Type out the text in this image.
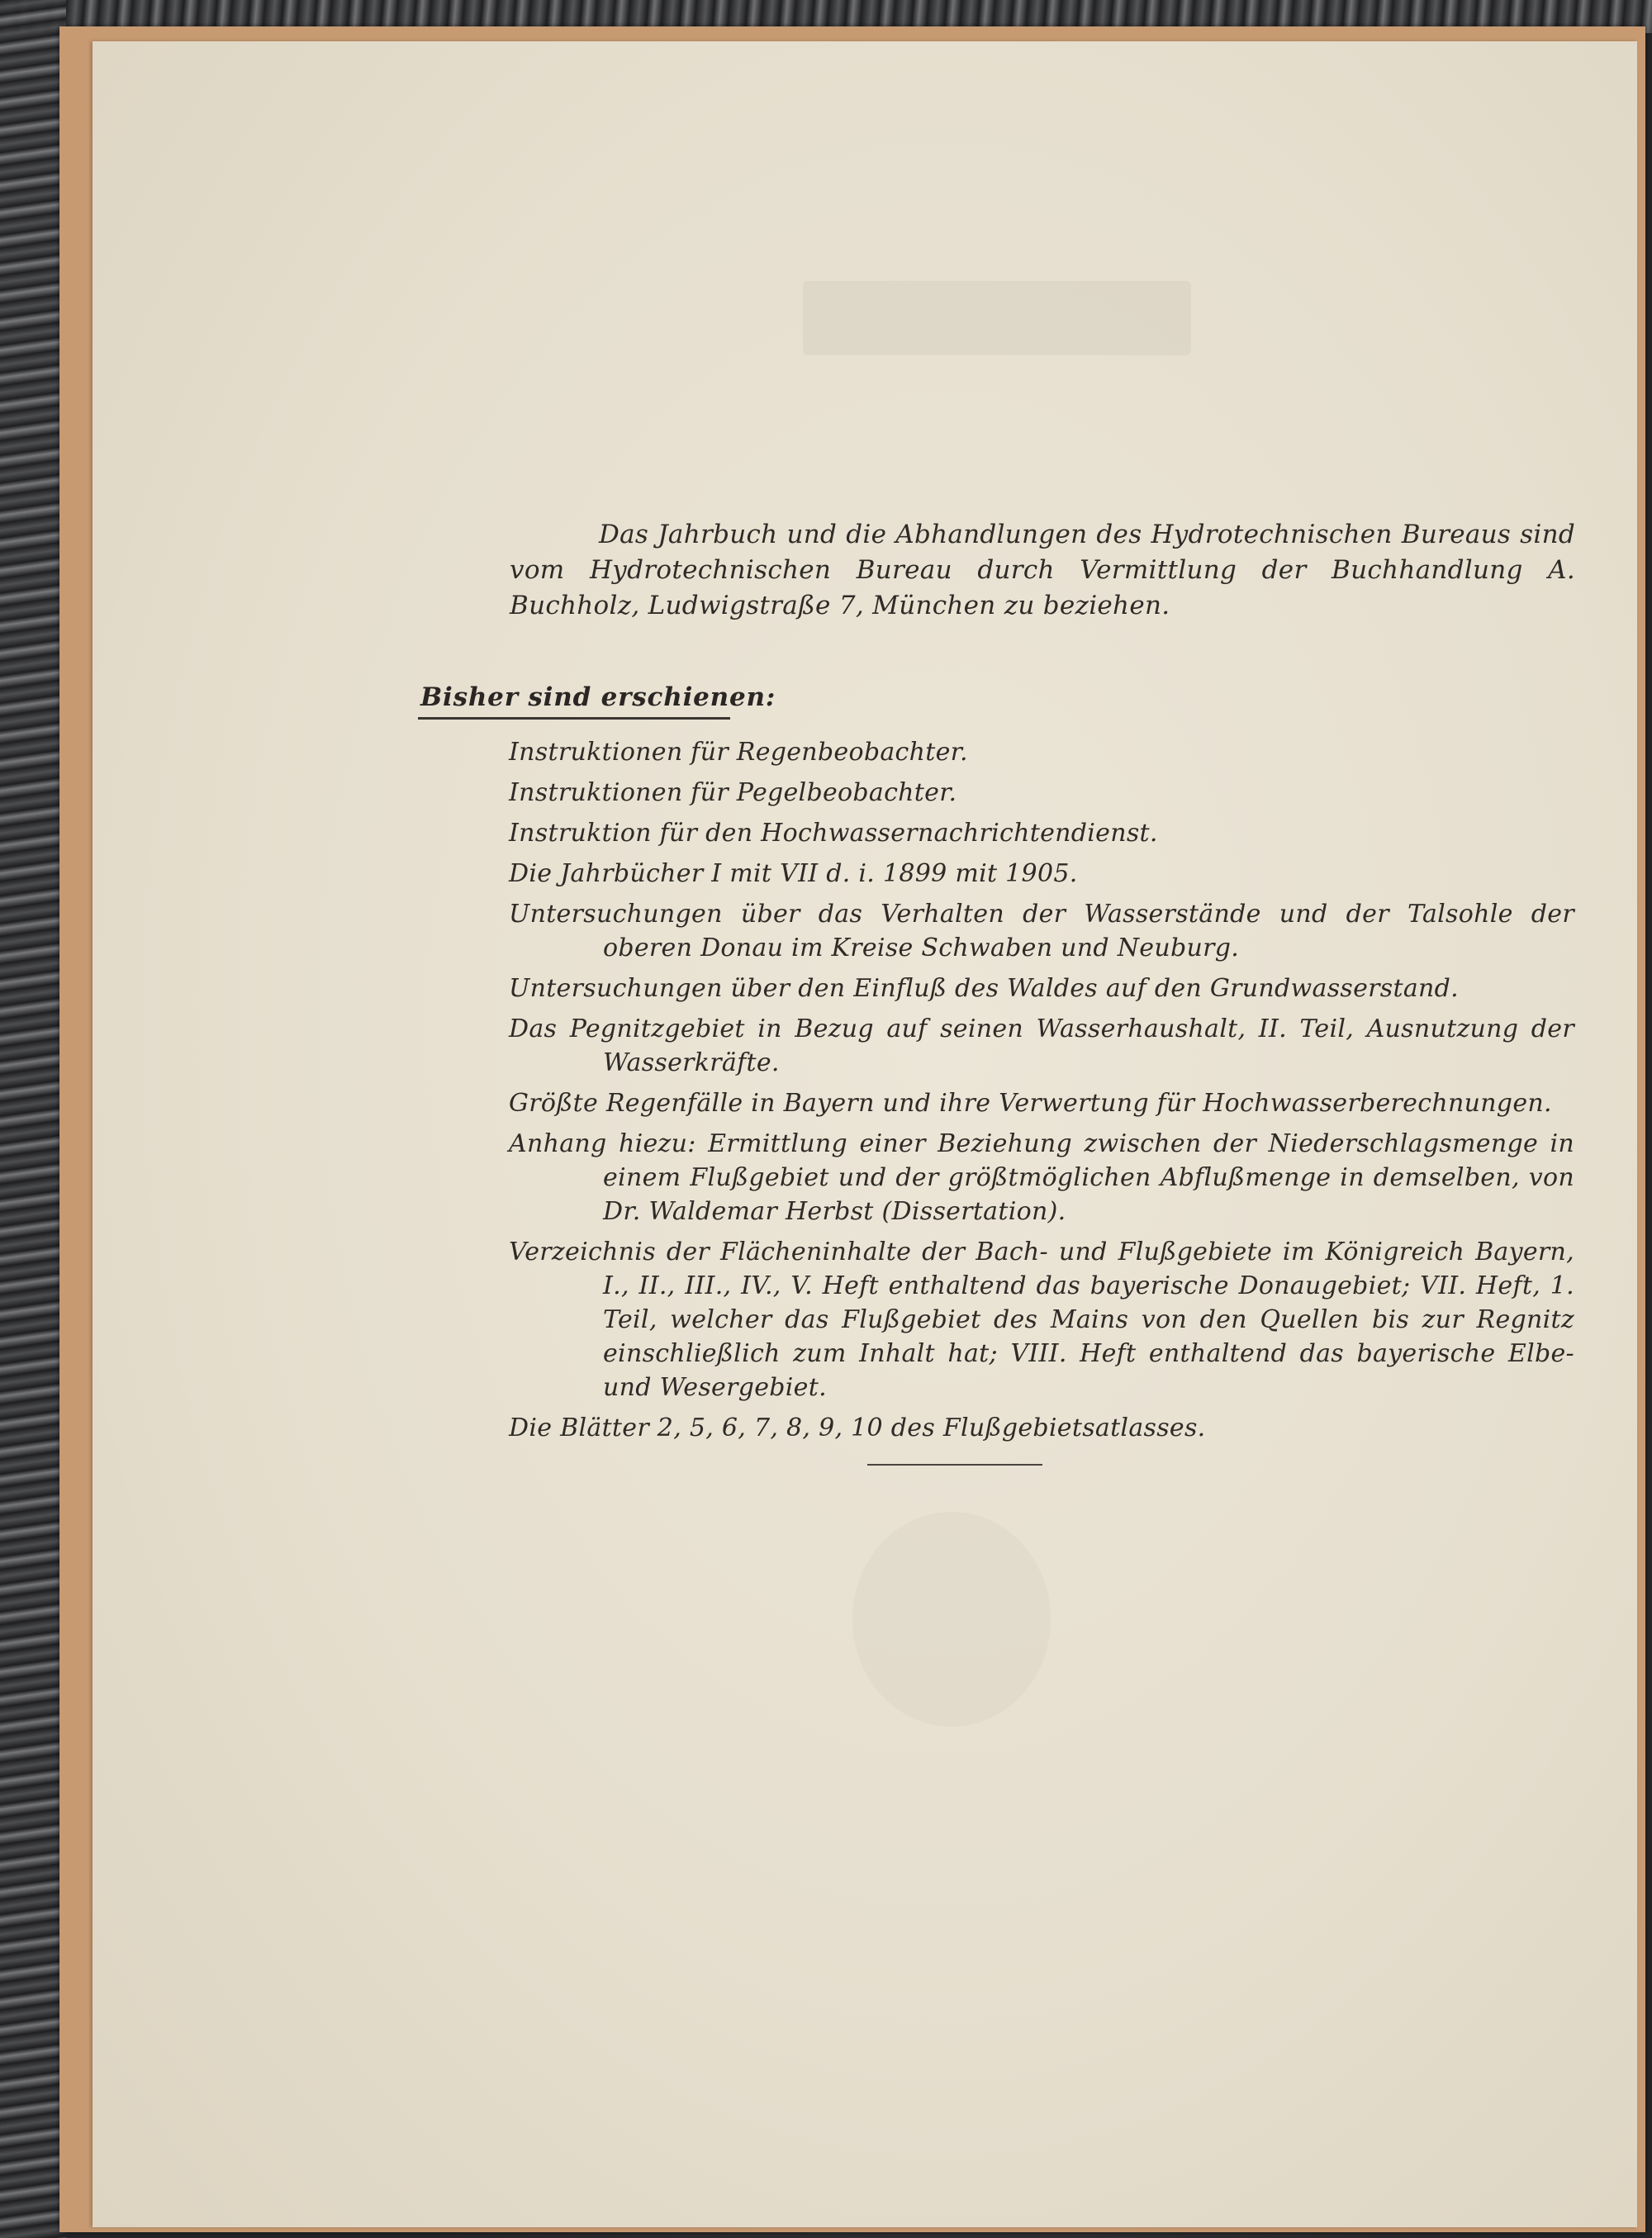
Das Jahrbuch und die Abhandlungen des Hydrotechnischen Bureaus sind vom Hydrotechnischen Bureau durch Vermittlung der Buchhandlung A. Buchholz, Ludwigstraße 7, München zu beziehen.

Bisher sind erschienen:
Instruktionen für Regenbeobachter.
Instruktionen für Pegelbeobachter.
Instruktion für den Hochwassernachrichtendienst.
Die Jahrbücher I mit VII d. i. 1899 mit 1905.
Untersuchungen über das Verhalten der Wasserstände und der Talsohle der oberen Donau im Kreise Schwaben und Neuburg.
Untersuchungen über den Einfluß des Waldes auf den Grundwasserstand.
Das Pegnitzgebiet in Bezug auf seinen Wasserhaushalt, II. Teil, Ausnutzung der Wasserkräfte.
Größte Regenfälle in Bayern und ihre Verwertung für Hochwasserberechnungen.
Anhang hiezu: Ermittlung einer Beziehung zwischen der Niederschlagsmenge in einem Flußgebiet und der größtmöglichen Abflußmenge in demselben, von Dr. Waldemar Herbst (Dissertation).
Verzeichnis der Flächeninhalte der Bach- und Flußgebiete im Königreich Bayern, I., II., III., IV., V. Heft enthaltend das bayerische Donaugebiet; VII. Heft, 1. Teil, welcher das Flußgebiet des Mains von den Quellen bis zur Regnitz einschließlich zum Inhalt hat; VIII. Heft enthaltend das bayerische Elbe- und Wesergebiet.
Die Blätter 2, 5, 6, 7, 8, 9, 10 des Flußgebietsatlasses.
